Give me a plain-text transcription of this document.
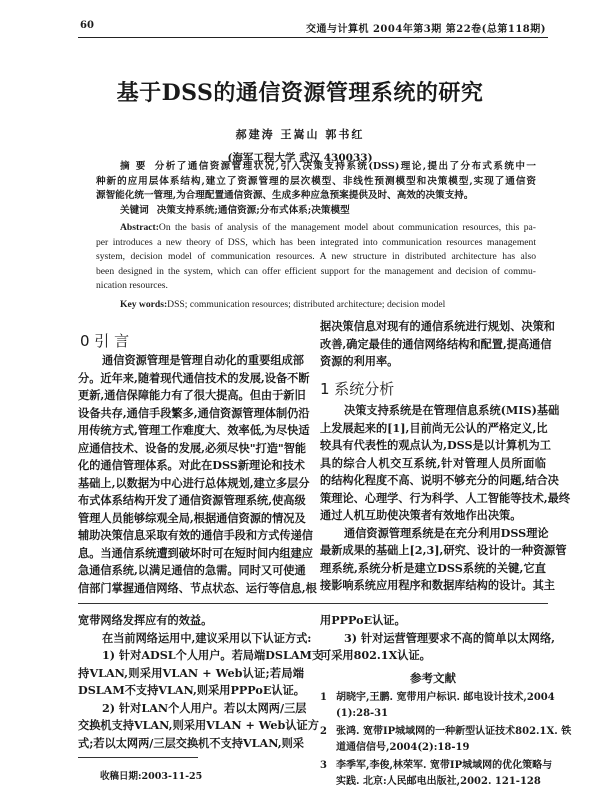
60	交通与计算机 2004年第3期 第22卷(总第118期)
基于DSS的通信资源管理系统的研究
郝建涛 王嵩山 郭书红
(海军工程大学 武汉 430033)
摘 要 分析了通信资源管理状况,引入决策支持系统(DSS)理论,提出了分布式系统中一
种新的应用层体系结构,建立了资源管理的层次模型、非线性预测模型和决策模型,实现了通信资
源智能化统一管理,为合理配置通信资源、生成多种应急预案提供及时、高效的决策支持。
关键词 决策支持系统;通信资源;分布式体系;决策模型
Abstract:On the basis of analysis of the management model about communication resources, this pa-
per introduces a new theory of DSS, which has been integrated into communication resources management
system, decision model of communication resources. A new structure in distributed architecture has also
been designed in the system, which can offer efficient support for the management and decision of commu-
nication resources.
Key words:DSS; communication resources; distributed architecture; decision model
0 引 言
通信资源管理是管理自动化的重要组成部
分。近年来,随着现代通信技术的发展,设备不断
更新,通信保障能力有了很大提高。但由于新旧
设备共存,通信手段繁多,通信资源管理体制仍沿
用传统方式,管理工作难度大、效率低,为尽快适
应通信技术、设备的发展,必须尽快"打造"智能
化的通信管理体系。对此在DSS新理论和技术
基础上,以数据为中心进行总体规划,建立多层分
布式体系结构开发了通信资源管理系统,使高级
管理人员能够综观全局,根据通信资源的情况及
辅助决策信息采取有效的通信手段和方式传递信
息。当通信系统遭到破坏时可在短时间内组建应
急通信系统,以满足通信的急需。同时又可使通
信部门掌握通信网络、节点状态、运行等信息,根
据决策信息对现有的通信系统进行规划、决策和
改善,确定最佳的通信网络结构和配置,提高通信
资源的利用率。
1 系统分析
决策支持系统是在管理信息系统(MIS)基础
上发展起来的[1],目前尚无公认的严格定义,比
较具有代表性的观点认为,DSS是以计算机为工
具的综合人机交互系统,针对管理人员所面临
的结构化程度不高、说明不够充分的问题,结合决
策理论、心理学、行为科学、人工智能等技术,最终
通过人机互助使决策者有效地作出决策。
通信资源管理系统是在充分利用DSS理论
最新成果的基础上[2,3],研究、设计的一种资源管
理系统,系统分析是建立DSS系统的关键,它直
接影响系统应用程序和数据库结构的设计。其主
宽带网络发挥应有的效益。
在当前网络运用中,建议采用以下认证方式:
1) 针对ADSL个人用户。若局端DSLAM支
持VLAN,则采用VLAN + Web认证;若局端
DSLAM不支持VLAN,则采用PPPoE认证。
2) 针对LAN个人用户。若以太网两/三层
交换机支持VLAN,则采用VLAN + Web认证方
式;若以太网两/三层交换机不支持VLAN,则采
收稿日期:2003-11-25
用PPPoE认证。
3) 针对运营管理要求不高的简单以太网络,
可采用802.1X认证。
参考文献
1 胡晓宇,王鹏. 宽带用户标识. 邮电设计技术,2004
(1):28-31
2 张鸿. 宽带IP城域网的一种新型认证技术802.1X. 铁
道通信信号,2004(2):18-19
3 李季军,李俊,林荣军. 宽带IP城域网的优化策略与
实践. 北京:人民邮电出版社,2002. 121-128
